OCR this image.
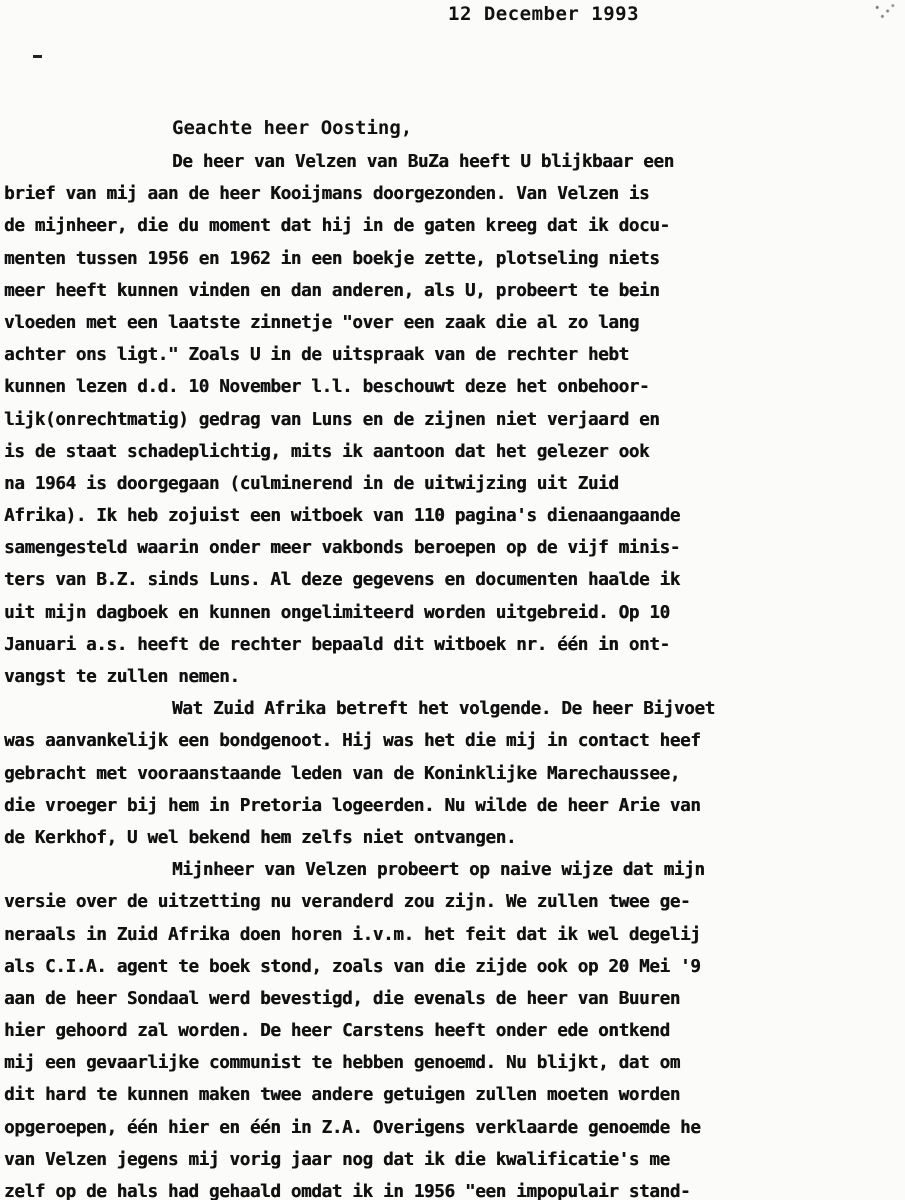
12 December 1993
Geachte heer Oosting,
De heer van Velzen van BuZa heeft U blijkbaar een
brief van mij aan de heer Kooijmans doorgezonden. Van Velzen is
de mijnheer, die du moment dat hij in de gaten kreeg dat ik docu-
menten tussen 1956 en 1962 in een boekje zette, plotseling niets
meer heeft kunnen vinden en dan anderen, als U, probeert te bein
vloeden met een laatste zinnetje "over een zaak die al zo lang
achter ons ligt." Zoals U in de uitspraak van de rechter hebt
kunnen lezen d.d. 10 November l.l. beschouwt deze het onbehoor-
lijk(onrechtmatig) gedrag van Luns en de zijnen niet verjaard en
is de staat schadeplichtig, mits ik aantoon dat het gelezer ook
na 1964 is doorgegaan (culminerend in de uitwijzing uit Zuid
Afrika). Ik heb zojuist een witboek van 110 pagina's dienaangaande
samengesteld waarin onder meer vakbonds beroepen op de vijf minis-
ters van B.Z. sinds Luns. Al deze gegevens en documenten haalde ik
uit mijn dagboek en kunnen ongelimiteerd worden uitgebreid. Op 10
Januari a.s. heeft de rechter bepaald dit witboek nr. één in ont-
vangst te zullen nemen.
Wat Zuid Afrika betreft het volgende. De heer Bijvoet
was aanvankelijk een bondgenoot. Hij was het die mij in contact heef
gebracht met vooraanstaande leden van de Koninklijke Marechaussee,
die vroeger bij hem in Pretoria logeerden. Nu wilde de heer Arie van
de Kerkhof, U wel bekend hem zelfs niet ontvangen.
Mijnheer van Velzen probeert op naive wijze dat mijn
versie over de uitzetting nu veranderd zou zijn. We zullen twee ge-
neraals in Zuid Afrika doen horen i.v.m. het feit dat ik wel degelij
als C.I.A. agent te boek stond, zoals van die zijde ook op 20 Mei '9
aan de heer Sondaal werd bevestigd, die evenals de heer van Buuren
hier gehoord zal worden. De heer Carstens heeft onder ede ontkend
mij een gevaarlijke communist te hebben genoemd. Nu blijkt, dat om
dit hard te kunnen maken twee andere getuigen zullen moeten worden
opgeroepen, één hier en één in Z.A. Overigens verklaarde genoemde he
van Velzen jegens mij vorig jaar nog dat ik die kwalificatie's me
zelf op de hals had gehaald omdat ik in 1956 "een impopulair stand-
